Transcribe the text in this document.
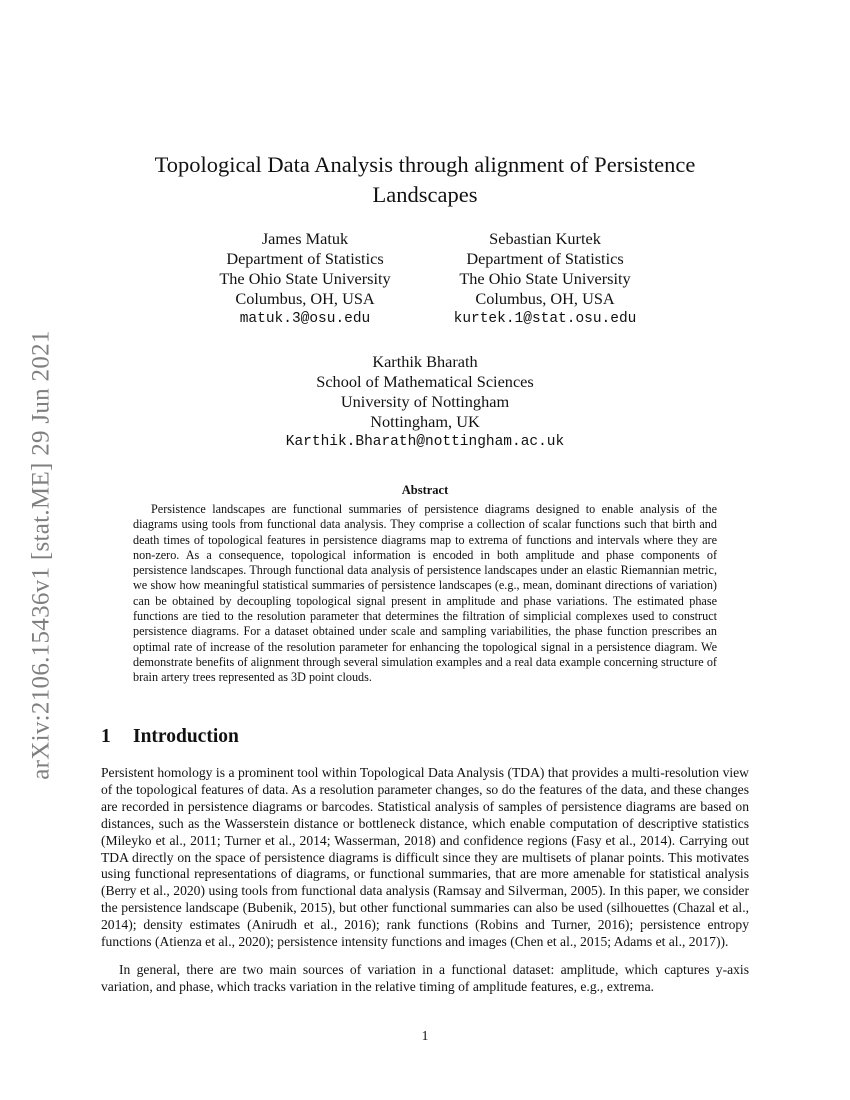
arXiv:2106.15436v1 [stat.ME] 29 Jun 2021
Topological Data Analysis through alignment of Persistence Landscapes
James Matuk
Department of Statistics
The Ohio State University
Columbus, OH, USA
matuk.3@osu.edu
Sebastian Kurtek
Department of Statistics
The Ohio State University
Columbus, OH, USA
kurtek.1@stat.osu.edu
Karthik Bharath
School of Mathematical Sciences
University of Nottingham
Nottingham, UK
Karthik.Bharath@nottingham.ac.uk
Abstract

Persistence landscapes are functional summaries of persistence diagrams designed to enable analysis of the diagrams using tools from functional data analysis. They comprise a collection of scalar functions such that birth and death times of topological features in persistence diagrams map to extrema of functions and intervals where they are non-zero. As a consequence, topological information is encoded in both amplitude and phase components of persistence landscapes. Through functional data analysis of persistence landscapes under an elastic Riemannian metric, we show how meaningful statistical summaries of persistence landscapes (e.g., mean, dominant directions of variation) can be obtained by decoupling topological signal present in amplitude and phase variations. The estimated phase functions are tied to the resolution parameter that determines the filtration of simplicial complexes used to construct persistence diagrams. For a dataset obtained under scale and sampling variabilities, the phase function prescribes an optimal rate of increase of the resolution parameter for enhancing the topological signal in a persistence diagram. We demonstrate benefits of alignment through several simulation examples and a real data example concerning structure of brain artery trees represented as 3D point clouds.

1 Introduction

Persistent homology is a prominent tool within Topological Data Analysis (TDA) that provides a multi-resolution view of the topological features of data. As a resolution parameter changes, so do the features of the data, and these changes are recorded in persistence diagrams or barcodes. Statistical analysis of samples of persistence diagrams are based on distances, such as the Wasserstein distance or bottleneck distance, which enable computation of descriptive statistics (Mileyko et al., 2011; Turner et al., 2014; Wasserman, 2018) and confidence regions (Fasy et al., 2014). Carrying out TDA directly on the space of persistence diagrams is difficult since they are multisets of planar points. This motivates using functional representations of diagrams, or functional summaries, that are more amenable for statistical analysis (Berry et al., 2020) using tools from functional data analysis (Ramsay and Silverman, 2005). In this paper, we consider the persistence landscape (Bubenik, 2015), but other functional summaries can also be used (silhouettes (Chazal et al., 2014); density estimates (Anirudh et al., 2016); rank functions (Robins and Turner, 2016); persistence entropy functions (Atienza et al., 2020); persistence intensity functions and images (Chen et al., 2015; Adams et al., 2017)).

In general, there are two main sources of variation in a functional dataset: amplitude, which captures y-axis variation, and phase, which tracks variation in the relative timing of amplitude features, e.g., extrema.

1
